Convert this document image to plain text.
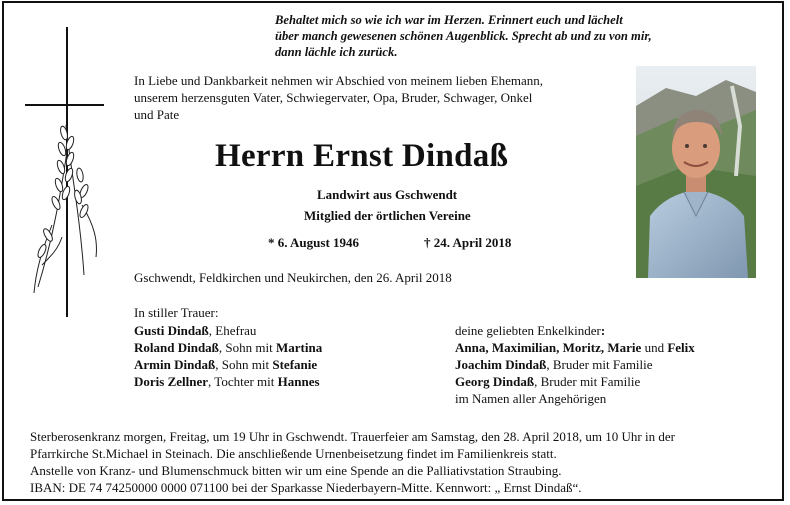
Behaltet mich so wie ich war im Herzen. Erinnert euch und lächelt
über manch gewesenen schönen Augenblick. Sprecht ab und zu von mir,
dann lächle ich zurück.
In Liebe und Dankbarkeit nehmen wir Abschied von meinem lieben Ehemann,
unserem herzensguten Vater, Schwiegervater, Opa, Bruder, Schwager, Onkel
und Pate
Herrn Ernst Dindaß
Landwirt aus Gschwendt
Mitglied der örtlichen Vereine
* 6. August 1946	† 24. April 2018
Gschwendt, Feldkirchen und Neukirchen, den 26. April 2018
In stiller Trauer:
Gusti Dindaß, Ehefrau
Roland Dindaß, Sohn mit Martina
Armin Dindaß, Sohn mit Stefanie
Doris Zellner, Tochter mit Hannes
deine geliebten Enkelkinder:
Anna, Maximilian, Moritz, Marie und Felix
Joachim Dindaß, Bruder mit Familie
Georg Dindaß, Bruder mit Familie
im Namen aller Angehörigen
Sterberosenkranz morgen, Freitag, um 19 Uhr in Gschwendt. Trauerfeier am Samstag, den 28. April 2018, um 10 Uhr in der
Pfarrkirche St.Michael in Steinach. Die anschließende Urnenbeisetzung findet im Familienkreis statt.
Anstelle von Kranz- und Blumenschmuck bitten wir um eine Spende an die Palliativstation Straubing.
IBAN: DE 74 74250000 0000 071100 bei der Sparkasse Niederbayern-Mitte. Kennwort: „ Ernst Dindaß“.
